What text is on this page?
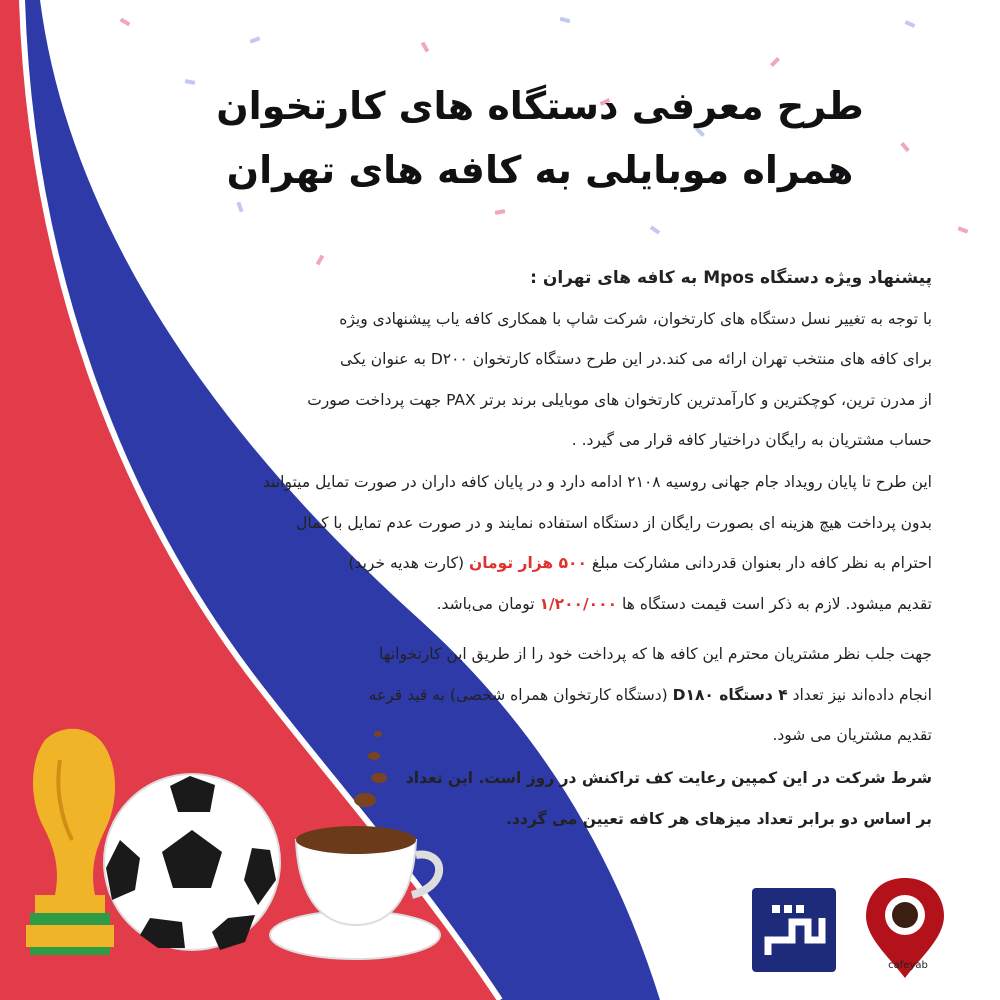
طرح معرفی دستگاه های کارتخوان
همراه موبایلی به کافه های تهران
پیشنهاد ویژه دستگاه Mpos به کافه های تهران :
با توجه به تغییر نسل دستگاه های کارتخوان، شرکت شاپ با همکاری کافه یاب پیشنهادی ویژه
برای کافه های منتخب تهران ارائه می کند.در این طرح دستگاه کارتخوان D۲۰۰ به عنوان یکی
از مدرن ترین، کوچکترین و کارآمدترین کارتخوان های موبایلی برند برتر PAX جهت پرداخت صورت
حساب مشتریان به رایگان دراختیار کافه قرار می گیرد. .
این طرح تا پایان رویداد جام جهانی روسیه ۲۱۰۸ ادامه دارد و در پایان کافه داران در صورت تمایل میتوانند
بدون پرداخت هیچ هزینه ای بصورت رایگان از دستگاه استفاده نمایند و در صورت عدم تمایل با کمال
احترام به نظر کافه دار بعنوان قدردانی مشارکت مبلغ ۵۰۰ هزار تومان (کارت هدیه خرید)
تقدیم میشود. لازم به ذکر است قیمت دستگاه ها ۱/۲۰۰/۰۰۰ تومان می‌باشد.
جهت جلب نظر مشتریان محترم این کافه ها که پرداخت خود را از طریق این کارتخوانها
انجام داده‌اند نیز تعداد ۴ دستگاه D۱۸۰ (دستگاه کارتخوان همراه شخصی) به قید قرعه
تقدیم مشتریان می شود.
شرط شرکت در این کمپین رعایت کف تراکنش در روز است. این تعداد
بر اساس دو برابر تعداد میزهای هر کافه تعیین می گردد.
cafeyab
